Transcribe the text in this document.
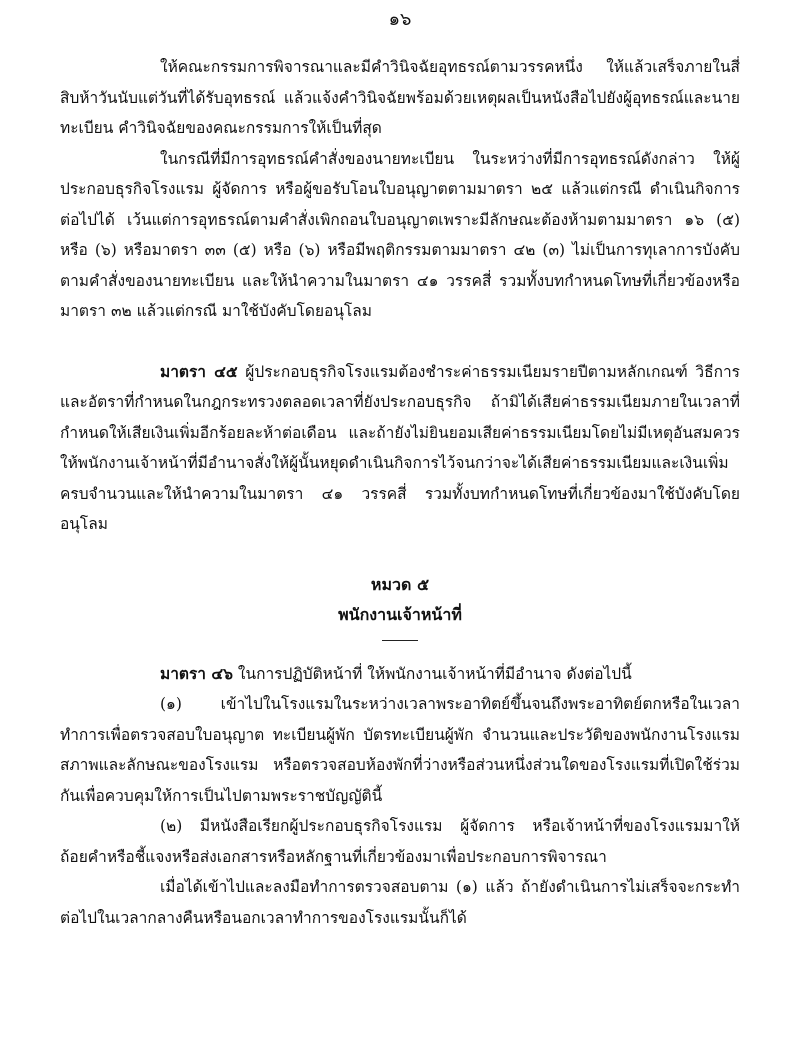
๑๖

ให้คณะกรรมการพิจารณาและมีคำวินิจฉัยอุทธรณ์ตามวรรคหนึ่ง ให้แล้วเสร็จภายในสี่สิบห้าวันนับแต่วันที่ได้รับอุทธรณ์ แล้วแจ้งคำวินิจฉัยพร้อมด้วยเหตุผลเป็นหนังสือไปยังผู้อุทธรณ์และนายทะเบียน คำวินิจฉัยของคณะกรรมการให้เป็นที่สุด

ในกรณีที่มีการอุทธรณ์คำสั่งของนายทะเบียน ในระหว่างที่มีการอุทธรณ์ดังกล่าว ให้ผู้ประกอบธุรกิจโรงแรม ผู้จัดการ หรือผู้ขอรับโอนใบอนุญาตตามมาตรา ๒๕ แล้วแต่กรณี ดำเนินกิจการต่อไปได้ เว้นแต่การอุทธรณ์ตามคำสั่งเพิกถอนใบอนุญาตเพราะมีลักษณะต้องห้ามตามมาตรา ๑๖ (๕) หรือ (๖) หรือมาตรา ๓๓ (๕) หรือ (๖) หรือมีพฤติกรรมตามมาตรา ๔๒ (๓) ไม่เป็นการทุเลาการบังคับตามคำสั่งของนายทะเบียน และให้นำความในมาตรา ๔๑ วรรคสี่ รวมทั้งบทกำหนดโทษที่เกี่ยวข้องหรือมาตรา ๓๒ แล้วแต่กรณี มาใช้บังคับโดยอนุโลม

มาตรา ๔๕ ผู้ประกอบธุรกิจโรงแรมต้องชำระค่าธรรมเนียมรายปีตามหลักเกณฑ์ วิธีการและอัตราที่กำหนดในกฎกระทรวงตลอดเวลาที่ยังประกอบธุรกิจ ถ้ามิได้เสียค่าธรรมเนียมภายในเวลาที่กำหนดให้เสียเงินเพิ่มอีกร้อยละห้าต่อเดือน และถ้ายังไม่ยินยอมเสียค่าธรรมเนียมโดยไม่มีเหตุอันสมควรให้พนักงานเจ้าหน้าที่มีอำนาจสั่งให้ผู้นั้นหยุดดำเนินกิจการไว้จนกว่าจะได้เสียค่าธรรมเนียมและเงินเพิ่มครบจำนวนและให้นำความในมาตรา ๔๑ วรรคสี่ รวมทั้งบทกำหนดโทษที่เกี่ยวข้องมาใช้บังคับโดยอนุโลม

หมวด ๕

พนักงานเจ้าหน้าที่

มาตรา ๔๖ ในการปฏิบัติหน้าที่ ให้พนักงานเจ้าหน้าที่มีอำนาจ ดังต่อไปนี้

(๑) เข้าไปในโรงแรมในระหว่างเวลาพระอาทิตย์ขึ้นจนถึงพระอาทิตย์ตกหรือในเวลาทำการเพื่อตรวจสอบใบอนุญาต ทะเบียนผู้พัก บัตรทะเบียนผู้พัก จำนวนและประวัติของพนักงานโรงแรมสภาพและลักษณะของโรงแรม หรือตรวจสอบห้องพักที่ว่างหรือส่วนหนึ่งส่วนใดของโรงแรมที่เปิดใช้ร่วมกันเพื่อควบคุมให้การเป็นไปตามพระราชบัญญัตินี้

(๒) มีหนังสือเรียกผู้ประกอบธุรกิจโรงแรม ผู้จัดการ หรือเจ้าหน้าที่ของโรงแรมมาให้ถ้อยคำหรือชี้แจงหรือส่งเอกสารหรือหลักฐานที่เกี่ยวข้องมาเพื่อประกอบการพิจารณา

เมื่อได้เข้าไปและลงมือทำการตรวจสอบตาม (๑) แล้ว ถ้ายังดำเนินการไม่เสร็จจะกระทำต่อไปในเวลากลางคืนหรือนอกเวลาทำการของโรงแรมนั้นก็ได้
